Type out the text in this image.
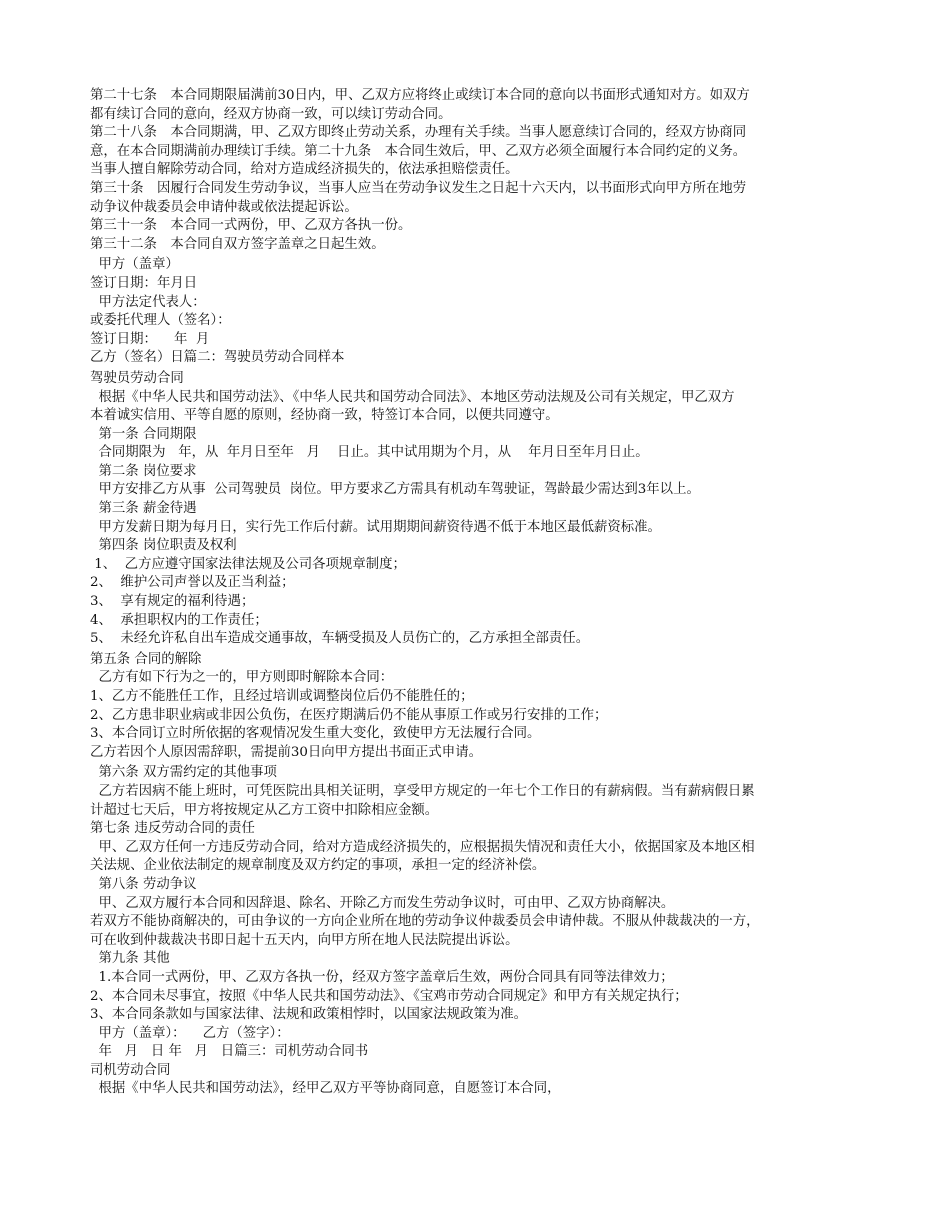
第二十七条　本合同期限届满前30日内，甲、乙双方应将终止或续订本合同的意向以书面形式通知对方。如双方
都有续订合同的意向，经双方协商一致，可以续订劳动合同。
第二十八条　本合同期满，甲、乙双方即终止劳动关系，办理有关手续。当事人愿意续订合同的，经双方协商同
意，在本合同期满前办理续订手续。第二十九条　本合同生效后，甲、乙双方必须全面履行本合同约定的义务。
当事人擅自解除劳动合同，给对方造成经济损失的，依法承担赔偿责任。
第三十条　因履行合同发生劳动争议，当事人应当在劳动争议发生之日起十六天内，以书面形式向甲方所在地劳
动争议仲裁委员会申请仲裁或依法提起诉讼。
第三十一条　本合同一式两份，甲、乙双方各执一份。
第三十二条　本合同自双方签字盖章之日起生效。
甲方（盖章）
签订日期：年月日
甲方法定代表人：
或委托代理人（签名）：
签订日期：    年  月
乙方（签名）日篇二：驾驶员劳动合同样本
驾驶员劳动合同
根据《中华人民共和国劳动法》、《中华人民共和国劳动合同法》、本地区劳动法规及公司有关规定，甲乙双方
本着诚实信用、平等自愿的原则，经协商一致，特签订本合同，以便共同遵守。
第一条 合同期限
合同期限为   年，从  年月日至年   月    日止。其中试用期为个月，从    年月日至年月日止。
第二条 岗位要求
甲方安排乙方从事  公司驾驶员  岗位。甲方要求乙方需具有机动车驾驶证，驾龄最少需达到3年以上。
第三条 薪金待遇
甲方发薪日期为每月日，实行先工作后付薪。试用期期间薪资待遇不低于本地区最低薪资标准。
第四条 岗位职责及权利
1、  乙方应遵守国家法律法规及公司各项规章制度；
2、  维护公司声誉以及正当利益；
3、  享有规定的福利待遇；
4、  承担职权内的工作责任；
5、  未经允许私自出车造成交通事故，车辆受损及人员伤亡的，乙方承担全部责任。
第五条 合同的解除
乙方有如下行为之一的，甲方则即时解除本合同：
1、乙方不能胜任工作，且经过培训或调整岗位后仍不能胜任的；
2、乙方患非职业病或非因公负伤，在医疗期满后仍不能从事原工作或另行安排的工作；
3、本合同订立时所依据的客观情况发生重大变化，致使甲方无法履行合同。
乙方若因个人原因需辞职，需提前30日向甲方提出书面正式申请。
第六条 双方需约定的其他事项
乙方若因病不能上班时，可凭医院出具相关证明，享受甲方规定的一年七个工作日的有薪病假。当有薪病假日累
计超过七天后，甲方将按规定从乙方工资中扣除相应金额。
第七条 违反劳动合同的责任
甲、乙双方任何一方违反劳动合同，给对方造成经济损失的，应根据损失情况和责任大小，依据国家及本地区相
关法规、企业依法制定的规章制度及双方约定的事项，承担一定的经济补偿。
第八条 劳动争议
甲、乙双方履行本合同和因辞退、除名、开除乙方而发生劳动争议时，可由甲、乙双方协商解决。
若双方不能协商解决的，可由争议的一方向企业所在地的劳动争议仲裁委员会申请仲裁。不服从仲裁裁决的一方，
可在收到仲裁裁决书即日起十五天内，向甲方所在地人民法院提出诉讼。
第九条 其他
1.本合同一式两份，甲、乙双方各执一份，经双方签字盖章后生效，两份合同具有同等法律效力；
2、本合同未尽事宜，按照《中华人民共和国劳动法》、《宝鸡市劳动合同规定》和甲方有关规定执行；
3、本合同条款如与国家法律、法规和政策相悖时，以国家法规政策为准。
甲方（盖章）：    乙方（签字）：
年   月   日 年   月   日篇三：司机劳动合同书
司机劳动合同
根据《中华人民共和国劳动法》，经甲乙双方平等协商同意，自愿签订本合同，
